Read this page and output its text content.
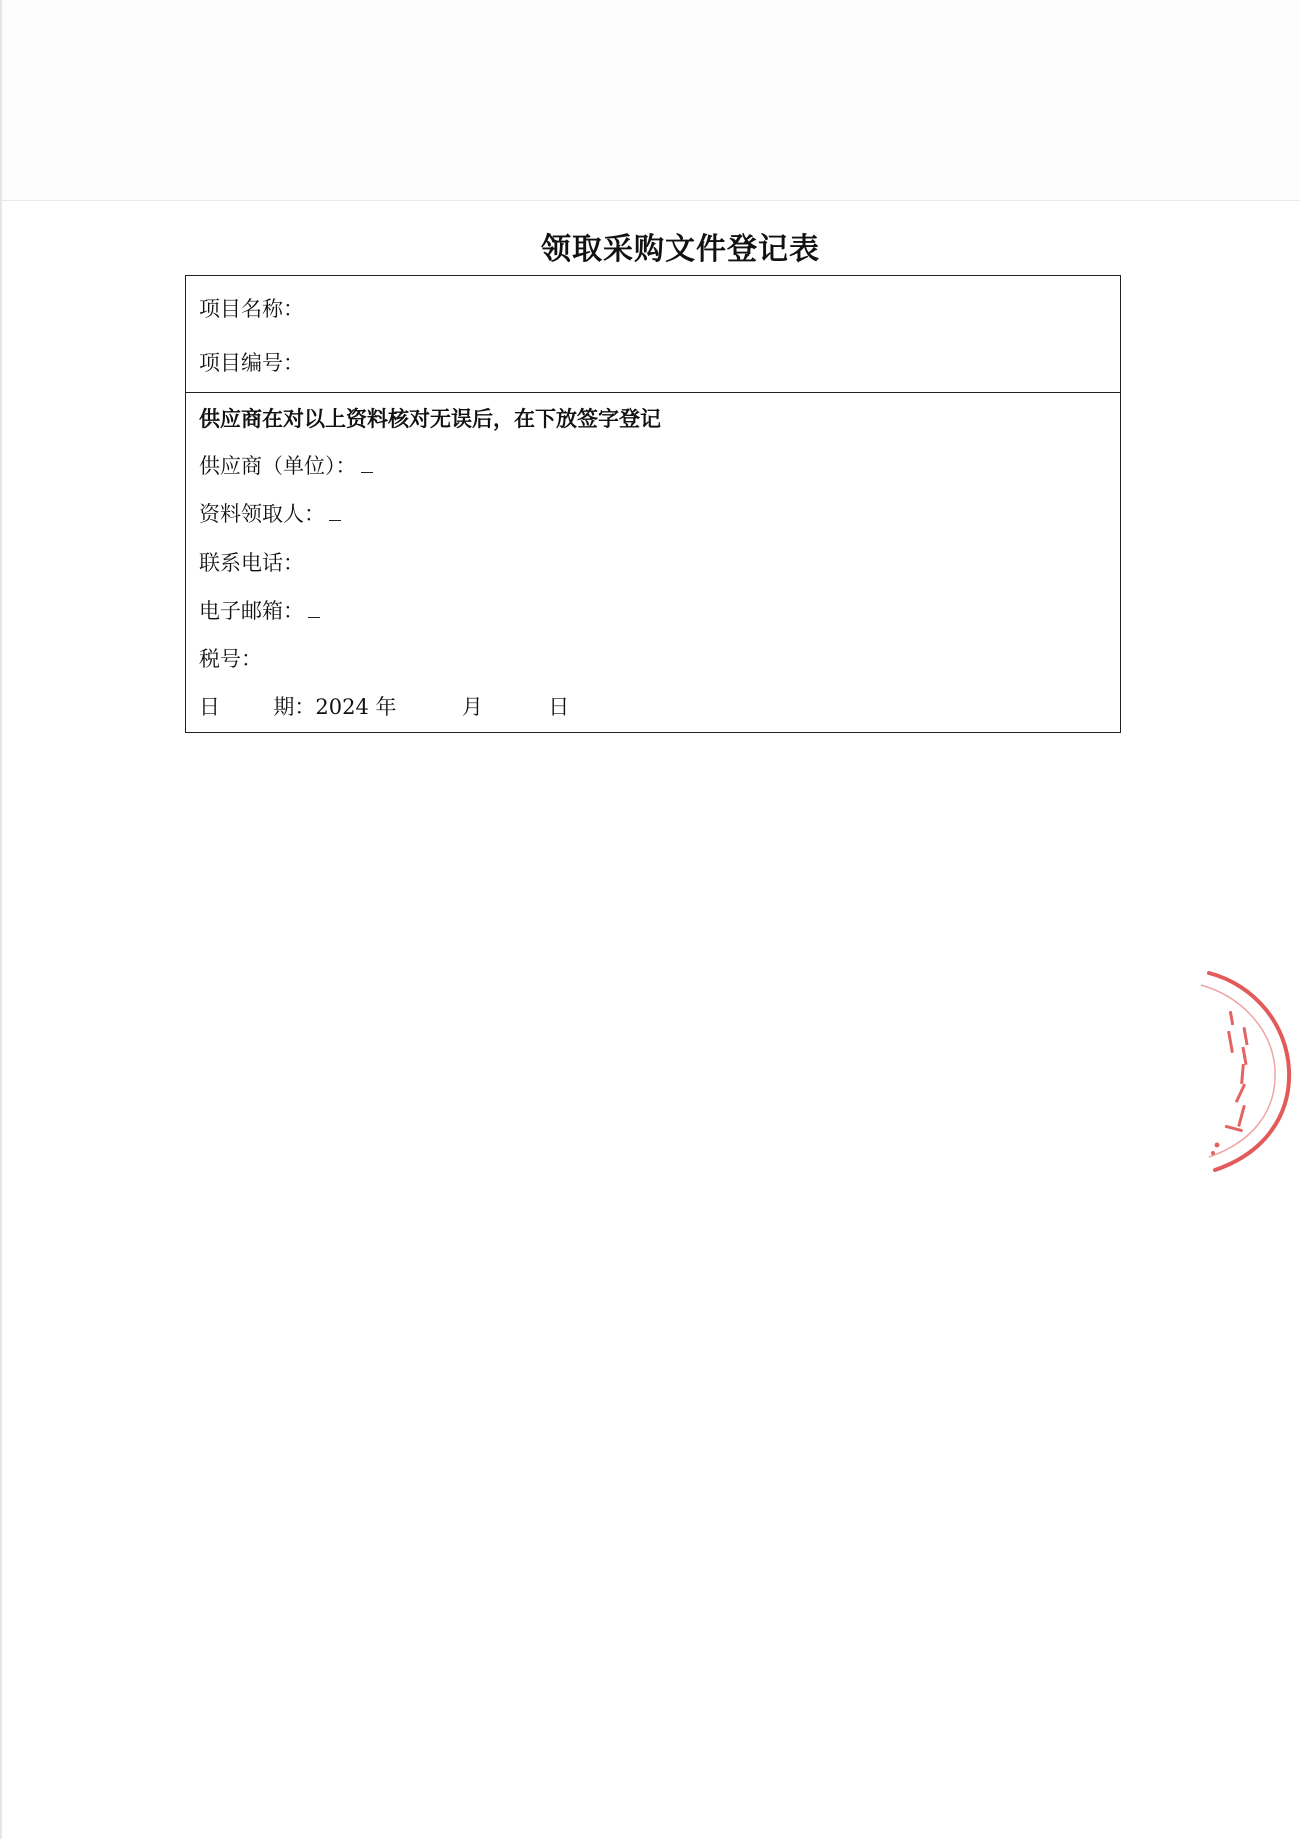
领取采购文件登记表
项目名称：
项目编号：
供应商在对以上资料核对无误后，在下放签字登记
供应商（单位）：
资料领取人：
联系电话：
电子邮箱：
税号：
日	期：2024 年	月	日
